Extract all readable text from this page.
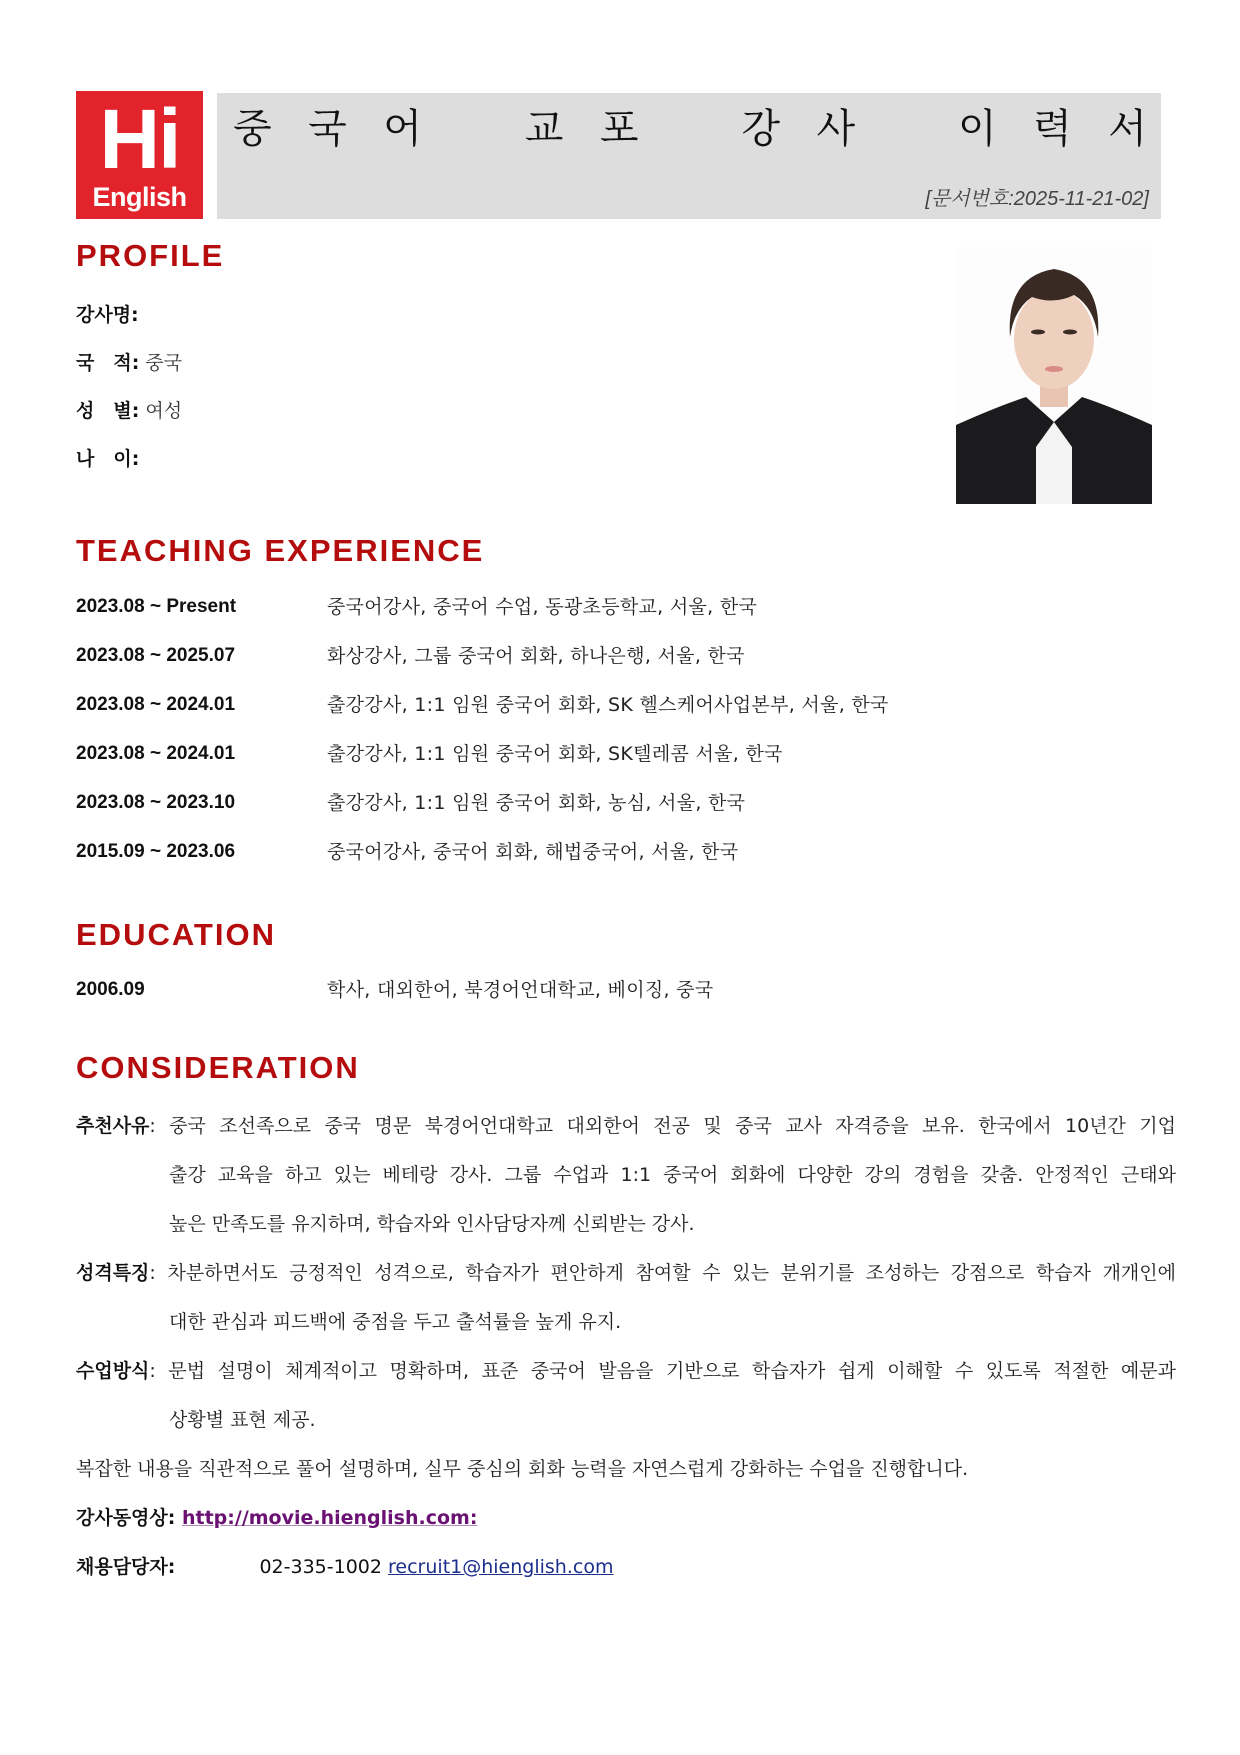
Hi
English
중 국 어	교 포	강 사	이 력 서
[문서번호:2025-11-21-02]
PROFILE
강사명:
국　적: 중국
성　별: 여성
나　이:
TEACHING EXPERIENCE
2023.08 ~ Present	중국어강사, 중국어 수업, 동광초등학교, 서울, 한국
2023.08 ~ 2025.07	화상강사, 그룹 중국어 회화, 하나은행, 서울, 한국
2023.08 ~ 2024.01	출강강사, 1:1 임원 중국어 회화, SK 헬스케어사업본부, 서울, 한국
2023.08 ~ 2024.01	출강강사, 1:1 임원 중국어 회화, SK텔레콤 서울, 한국
2023.08 ~ 2023.10	출강강사, 1:1 임원 중국어 회화, 농심, 서울, 한국
2015.09 ~ 2023.06	중국어강사, 중국어 회화, 해법중국어, 서울, 한국
EDUCATION
2006.09	학사, 대외한어, 북경어언대학교, 베이징, 중국
CONSIDERATION
추천사유: 중국 조선족으로 중국 명문 북경어언대학교 대외한어 전공 및 중국 교사 자격증을 보유. 한국에서 10년간 기업
출강 교육을 하고 있는 베테랑 강사. 그룹 수업과 1:1 중국어 회화에 다양한 강의 경험을 갖춤. 안정적인 근태와
높은 만족도를 유지하며, 학습자와 인사담당자께 신뢰받는 강사.
성격특징: 차분하면서도 긍정적인 성격으로, 학습자가 편안하게 참여할 수 있는 분위기를 조성하는 강점으로 학습자 개개인에
대한 관심과 피드백에 중점을 두고 출석률을 높게 유지.
수업방식: 문법 설명이 체계적이고 명확하며, 표준 중국어 발음을 기반으로 학습자가 쉽게 이해할 수 있도록 적절한 예문과
상황별 표현 제공.
복잡한 내용을 직관적으로 풀어 설명하며, 실무 중심의 회화 능력을 자연스럽게 강화하는 수업을 진행합니다.
강사동영상: http://movie.hienglish.com:
채용담당자:	02-335-1002 recruit1@hienglish.com
